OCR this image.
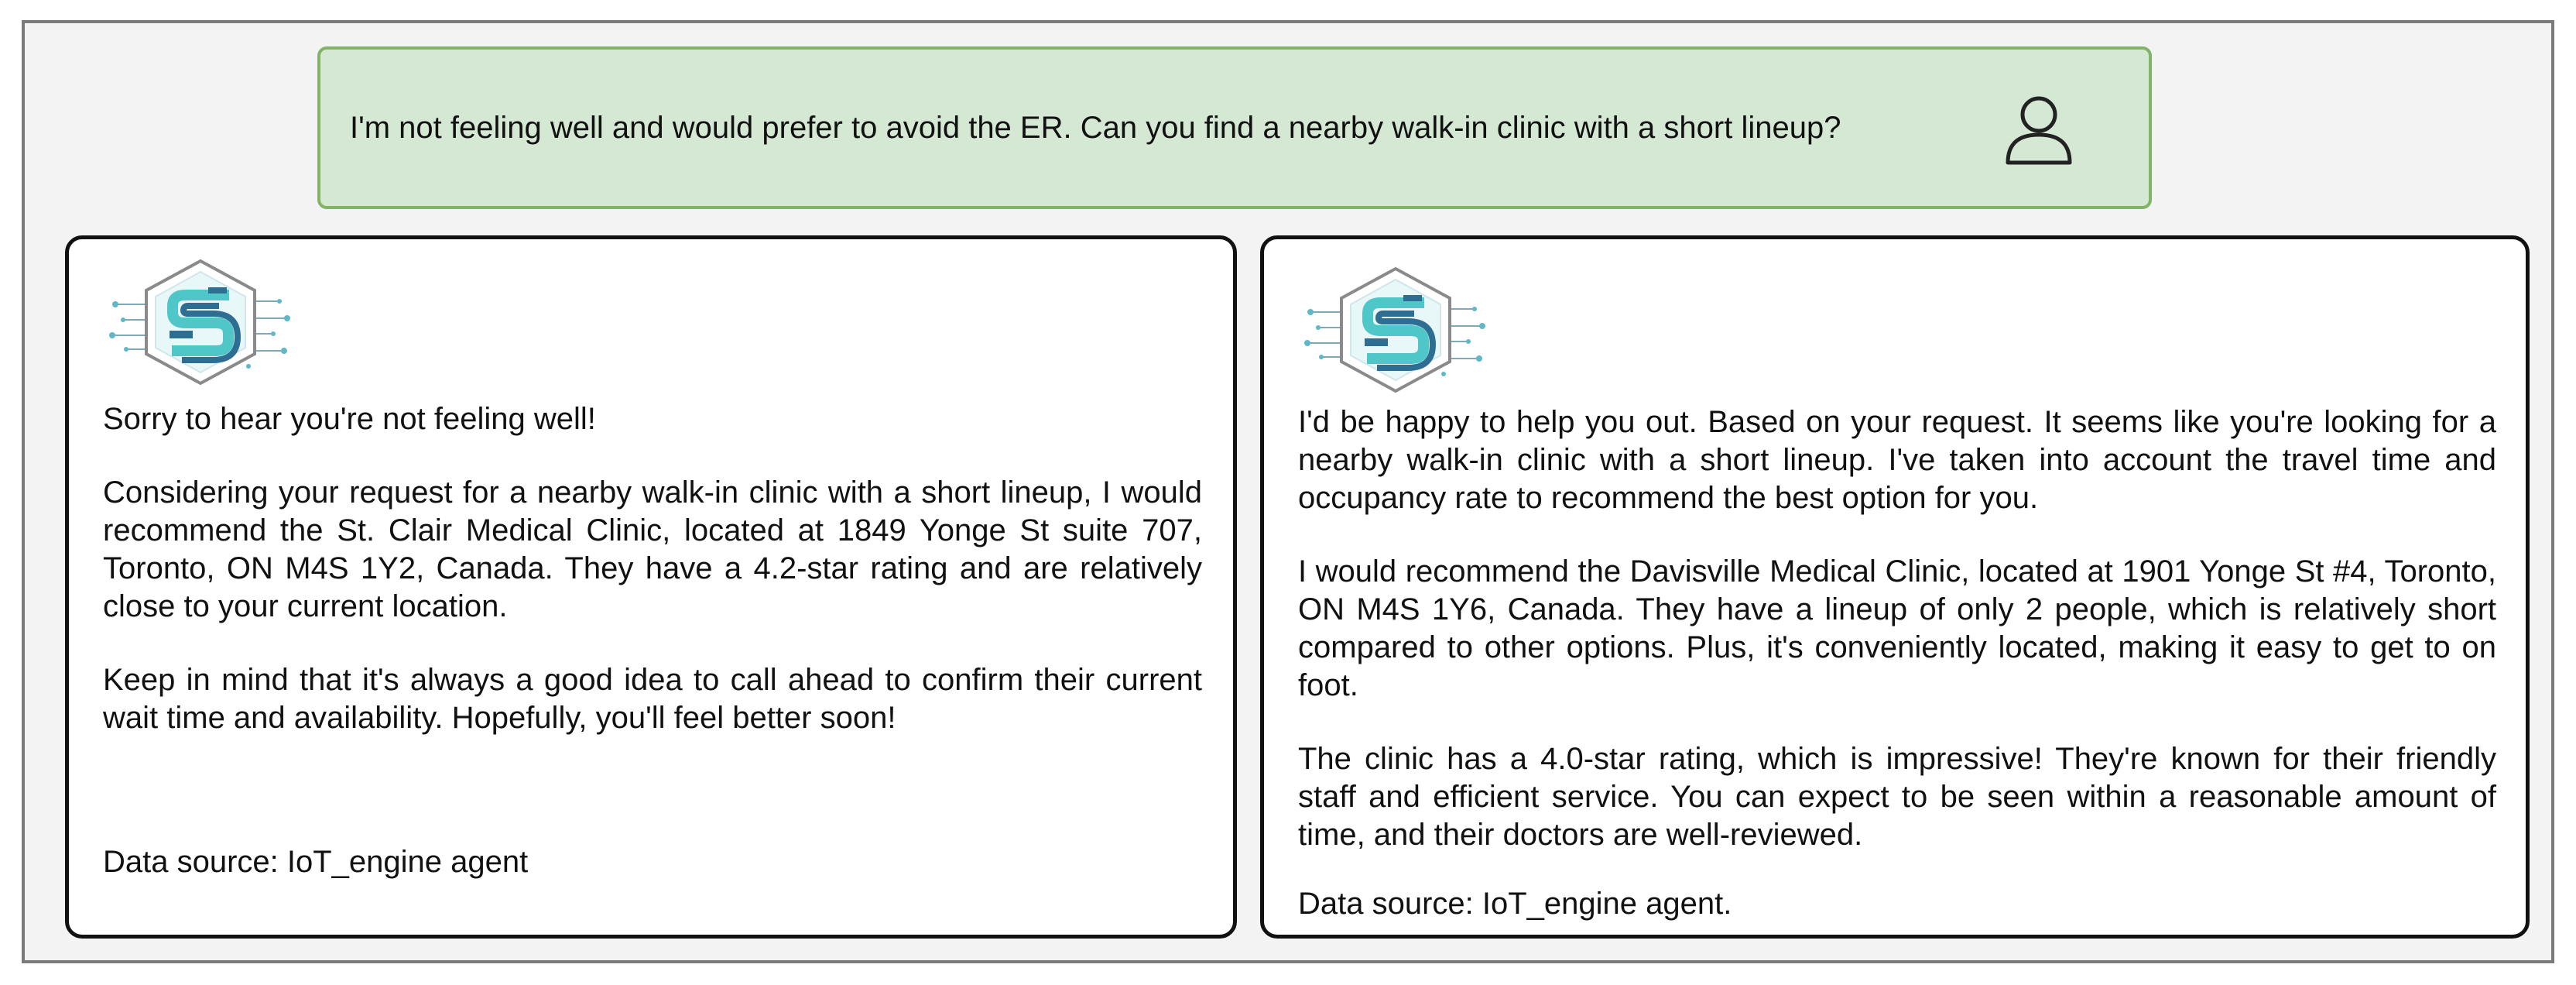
I'm not feeling well and would prefer to avoid the ER. Can you find a nearby walk-in clinic with a short lineup?

Sorry to hear you're not feeling well!

Considering your request for a nearby walk-in clinic with a short lineup, I would recommend the St. Clair Medical Clinic, located at 1849 Yonge St suite 707, Toronto, ON M4S 1Y2, Canada. They have a 4.2-star rating and are relatively close to your current location.

Keep in mind that it's always a good idea to call ahead to confirm their current wait time and availability. Hopefully, you'll feel better soon!

Data source: IoT_engine agent

I'd be happy to help you out. Based on your request. It seems like you're looking for a nearby walk-in clinic with a short lineup. I've taken into account the travel time and occupancy rate to recommend the best option for you.

I would recommend the Davisville Medical Clinic, located at 1901 Yonge St #4, Toronto, ON M4S 1Y6, Canada. They have a lineup of only 2 people, which is relatively short compared to other options. Plus, it's conveniently located, making it easy to get to on foot.

The clinic has a 4.0-star rating, which is impressive! They're known for their friendly staff and efficient service. You can expect to be seen within a reasonable amount of time, and their doctors are well-reviewed.

Data source: IoT_engine agent.
